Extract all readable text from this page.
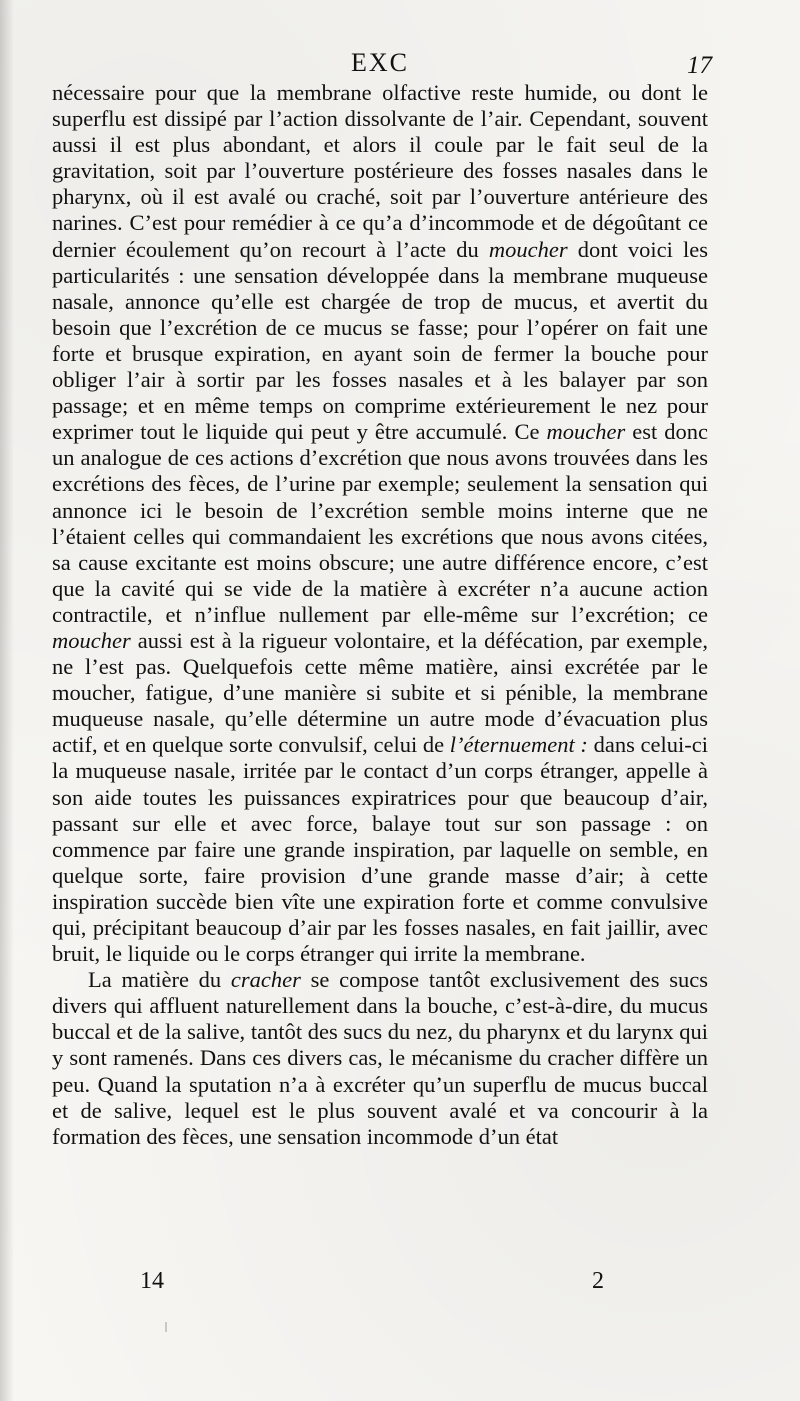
EXC	17

nécessaire pour que la membrane olfactive reste humide, ou dont le superflu est dissipé par l’action dissolvante de l’air. Cependant, souvent aussi il est plus abondant, et alors il coule par le fait seul de la gravitation, soit par l’ouverture postérieure des fosses nasales dans le pharynx, où il est avalé ou craché, soit par l’ouverture antérieure des narines. C’est pour remédier à ce qu’a d’incommode et de dégoûtant ce dernier écoulement qu’on recourt à l’acte du moucher dont voici les particularités : une sensation développée dans la membrane muqueuse nasale, annonce qu’elle est chargée de trop de mucus, et avertit du besoin que l’excrétion de ce mucus se fasse; pour l’opérer on fait une forte et brusque expiration, en ayant soin de fermer la bouche pour obliger l’air à sortir par les fosses nasales et à les balayer par son passage; et en même temps on comprime extérieurement le nez pour exprimer tout le liquide qui peut y être accumulé. Ce moucher est donc un analogue de ces actions d’excrétion que nous avons trouvées dans les excrétions des fèces, de l’urine par exemple; seulement la sensation qui annonce ici le besoin de l’excrétion semble moins interne que ne l’étaient celles qui commandaient les excrétions que nous avons citées, sa cause excitante est moins obscure; une autre différence encore, c’est que la cavité qui se vide de la matière à excréter n’a aucune action contractile, et n’influe nullement par elle-même sur l’excrétion; ce moucher aussi est à la rigueur volontaire, et la défécation, par exemple, ne l’est pas. Quelquefois cette même matière, ainsi excrétée par le moucher, fatigue, d’une manière si subite et si pénible, la membrane muqueuse nasale, qu’elle détermine un autre mode d’évacuation plus actif, et en quelque sorte convulsif, celui de l’éternuement : dans celui-ci la muqueuse nasale, irritée par le contact d’un corps étranger, appelle à son aide toutes les puissances expiratrices pour que beaucoup d’air, passant sur elle et avec force, balaye tout sur son passage : on commence par faire une grande inspiration, par laquelle on semble, en quelque sorte, faire provision d’une grande masse d’air; à cette inspiration succède bien vîte une expiration forte et comme convulsive qui, précipitant beaucoup d’air par les fosses nasales, en fait jaillir, avec bruit, le liquide ou le corps étranger qui irrite la membrane.

La matière du cracher se compose tantôt exclusivement des sucs divers qui affluent naturellement dans la bouche, c’est-à-dire, du mucus buccal et de la salive, tantôt des sucs du nez, du pharynx et du larynx qui y sont ramenés. Dans ces divers cas, le mécanisme du cracher diffère un peu. Quand la sputation n’a à excréter qu’un superflu de mucus buccal et de salive, lequel est le plus souvent avalé et va concourir à la formation des fèces, une sensation incommode d’un état

14	2
